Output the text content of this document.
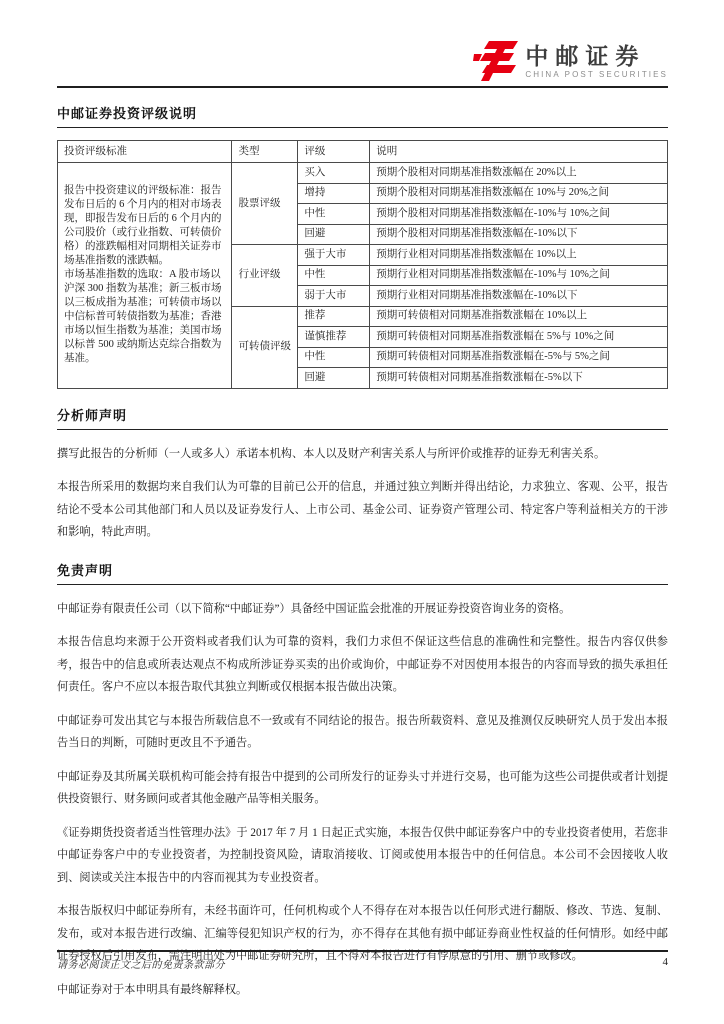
中邮证券
CHINA POST SECURITIES
中邮证券投资评级说明
投资评级标准	类型	评级	说明

报告中投资建议的评级标准：报告发布日后的 6 个月内的相对市场表现，即报告发布日后的 6 个月内的公司股价（或行业指数、可转债价格）的涨跌幅相对同期相关证券市场基准指数的涨跌幅。
市场基准指数的选取：A 股市场以沪深 300 指数为基准；新三板市场以三板成指为基准；可转债市场以中信标普可转债指数为基准；香港市场以恒生指数为基准；美国市场以标普 500 或纳斯达克综合指数为基准。	股票评级	买入	预期个股相对同期基准指数涨幅在 20%以上
		增持	预期个股相对同期基准指数涨幅在 10%与 20%之间
		中性	预期个股相对同期基准指数涨幅在-10%与 10%之间
		回避	预期个股相对同期基准指数涨幅在-10%以下
	行业评级	强于大市	预期行业相对同期基准指数涨幅在 10%以上
		中性	预期行业相对同期基准指数涨幅在-10%与 10%之间
		弱于大市	预期行业相对同期基准指数涨幅在-10%以下
	可转债评级	推荐	预期可转债相对同期基准指数涨幅在 10%以上
		谨慎推荐	预期可转债相对同期基准指数涨幅在 5%与 10%之间
		中性	预期可转债相对同期基准指数涨幅在-5%与 5%之间
		回避	预期可转债相对同期基准指数涨幅在-5%以下
分析师声明

撰写此报告的分析师（一人或多人）承诺本机构、本人以及财产利害关系人与所评价或推荐的证券无利害关系。

本报告所采用的数据均来自我们认为可靠的目前已公开的信息，并通过独立判断并得出结论，力求独立、客观、公平，报告结论不受本公司其他部门和人员以及证券发行人、上市公司、基金公司、证券资产管理公司、特定客户等利益相关方的干涉和影响，特此声明。

免责声明

中邮证券有限责任公司（以下简称“中邮证券”）具备经中国证监会批准的开展证券投资咨询业务的资格。

本报告信息均来源于公开资料或者我们认为可靠的资料，我们力求但不保证这些信息的准确性和完整性。报告内容仅供参考，报告中的信息或所表达观点不构成所涉证券买卖的出价或询价，中邮证券不对因使用本报告的内容而导致的损失承担任何责任。客户不应以本报告取代其独立判断或仅根据本报告做出决策。

中邮证券可发出其它与本报告所载信息不一致或有不同结论的报告。报告所载资料、意见及推测仅反映研究人员于发出本报告当日的判断，可随时更改且不予通告。

中邮证券及其所属关联机构可能会持有报告中提到的公司所发行的证券头寸并进行交易，也可能为这些公司提供或者计划提供投资银行、财务顾问或者其他金融产品等相关服务。

《证券期货投资者适当性管理办法》于 2017 年 7 月 1 日起正式实施，本报告仅供中邮证券客户中的专业投资者使用，若您非中邮证券客户中的专业投资者，为控制投资风险，请取消接收、订阅或使用本报告中的任何信息。本公司不会因接收人收到、阅读或关注本报告中的内容而视其为专业投资者。

本报告版权归中邮证券所有，未经书面许可，任何机构或个人不得存在对本报告以任何形式进行翻版、修改、节选、复制、发布，或对本报告进行改编、汇编等侵犯知识产权的行为，亦不得存在其他有损中邮证券商业性权益的任何情形。如经中邮证券授权后引用发布，需注明出处为中邮证券研究所，且不得对本报告进行有悖原意的引用、删节或修改。

中邮证券对于本申明具有最终解释权。

请务必阅读正文之后的免责条款部分	4
